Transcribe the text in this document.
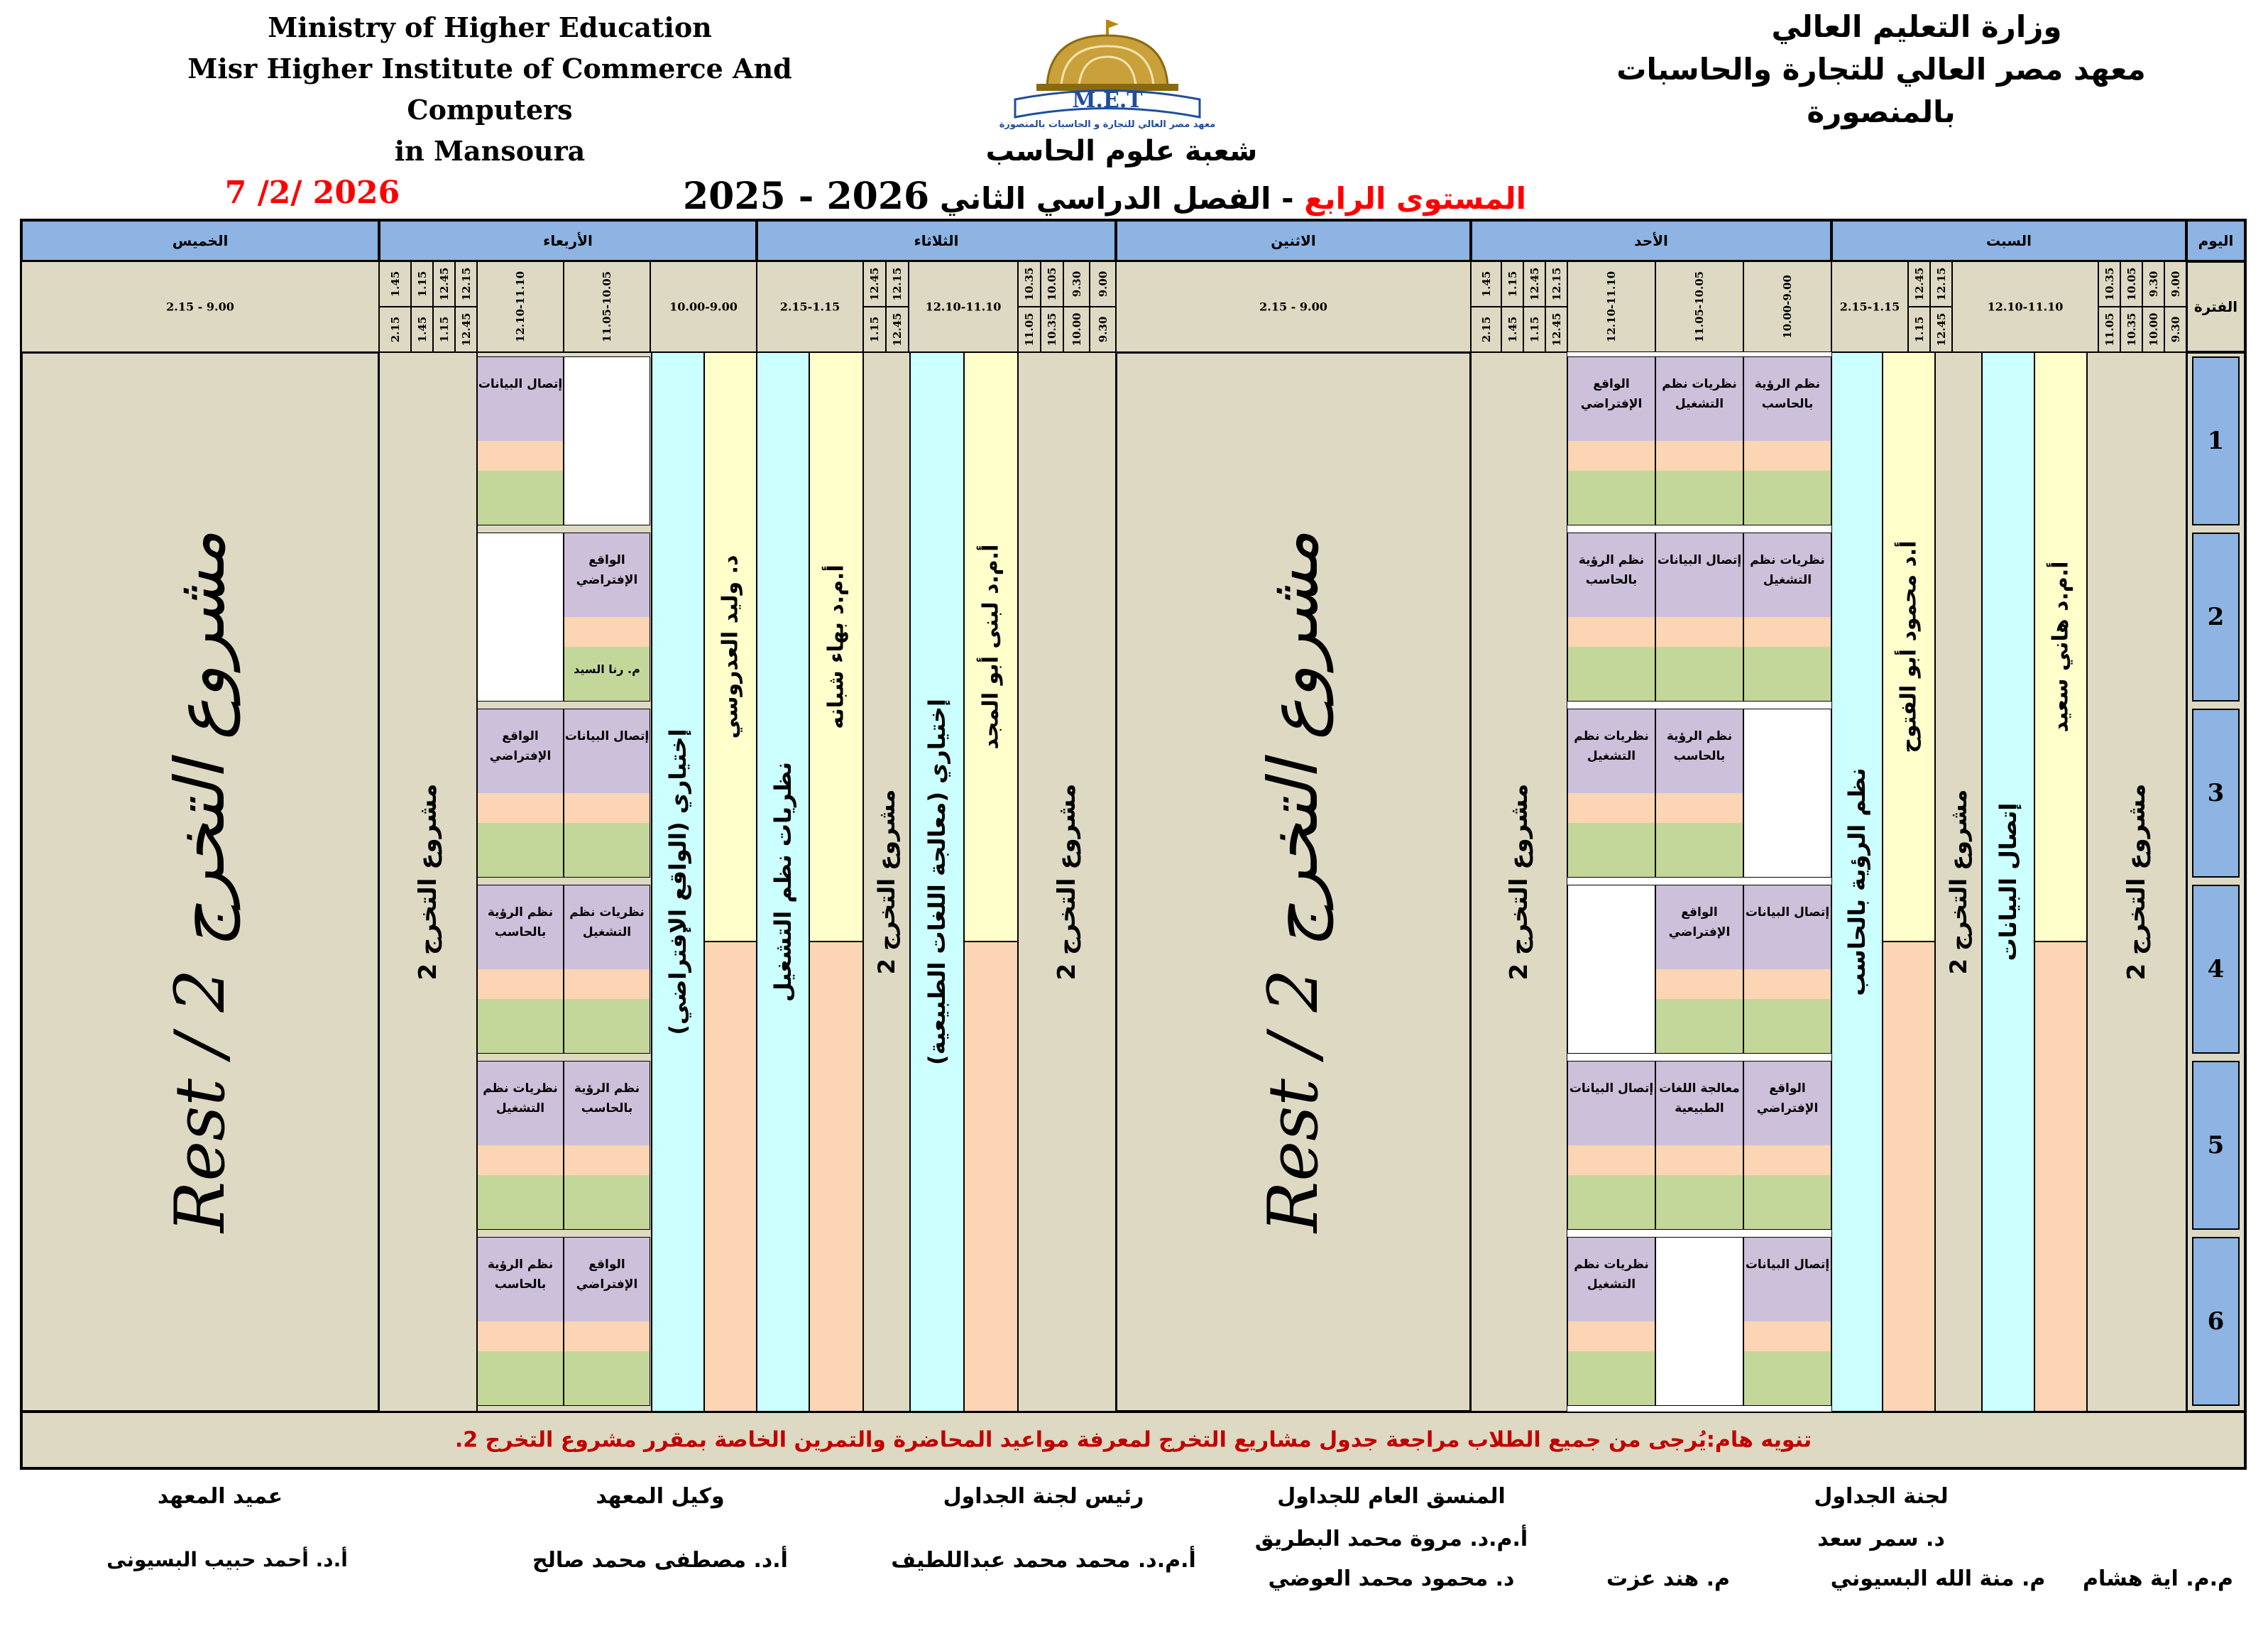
Ministry of Higher Education
Misr Higher Institute of Commerce And Computers
in Mansoura
وزارة التعليم العالي
معهد مصر العالي للتجارة والحاسبات
بالمنصورة
M.E.T
معهد مصر العالي للتجارة و الحاسبات بالمنصورة
شعبة علوم الحاسب
المستوى الرابع - الفصل الدراسي الثاني 2025 - 2026
2026 /2/ 7
اليوم
السبت
الأحد
الاثنين
الثلاثاء
الأربعاء
الخميس
الفترة
9.00
9.30
9.30
10.00
10.05
10.35
10.35
11.05
12.10-11.10
12.15
12.45
12.45
1.15
2.15-1.15
10.00-9.00
11.05-10.05
12.10-11.10
12.15
12.45
12.45
1.15
1.15
1.45
1.45
2.15
2.15 - 9.00
9.00
9.30
9.30
10.00
10.05
10.35
10.35
11.05
12.10-11.10
12.15
12.45
12.45
1.15
2.15-1.15
10.00-9.00
11.05-10.05
12.10-11.10
12.15
12.45
12.45
1.15
1.15
1.45
1.45
2.15
2.15 - 9.00
1
2
3
4
5
6
مشروع التخرج 2
أ.م.د هاني سعيد
إتصال البيانات
مشروع التخرج 2
أ.د محمود أبو الفتوح
نظم الرؤية بالحاسب
مشروع التخرج 2
نظم الرؤية بالحاسب
نظريات نظم التشغيل
الواقع الإفتراضي
نظريات نظم التشغيل
إتصال البيانات
نظم الرؤية بالحاسب
نظم الرؤية بالحاسب
نظريات نظم التشغيل
إتصال البيانات
الواقع الإفتراضي
الواقع الإفتراضي
معالجة اللغات الطبيعية
إتصال البيانات
إتصال البيانات
نظريات نظم التشغيل
مشروع التخرج 2 / Rest
مشروع التخرج 2
أ.م.د لبنى أبو المجد
إختياري (معالجة اللغات الطبيعية)
مشروع التخرج 2
أ.م.د بهاء شبانه
نظريات نظم التشغيل
د. وليد العدروسي
إختياري (الواقع الإفتراضي)
مشروع التخرج 2
إتصال البيانات
الواقع الإفتراضي
م. رنا السيد
إتصال البيانات
الواقع الإفتراضي
نظريات نظم التشغيل
نظم الرؤية بالحاسب
نظم الرؤية بالحاسب
نظريات نظم التشغيل
الواقع الإفتراضي
نظم الرؤية بالحاسب
مشروع التخرج 2 / Rest
تنويه هام:يُرجى من جميع الطلاب مراجعة جدول مشاريع التخرج لمعرفة مواعيد المحاضرة والتمرين الخاصة بمقرر مشروع التخرج 2.
لجنة الجداول
د. سمر سعد
م.م. اية هشام
م. منة الله البسيوني
م. هند عزت
المنسق العام للجداول
أ.م.د. مروة محمد البطريق
د. محمود محمد العوضي
رئيس لجنة الجداول
أ.م.د. محمد محمد عبداللطيف
وكيل المعهد
أ.د. مصطفى محمد صالح
عميد المعهد
أ.د. أحمد حبيب البسيونى
